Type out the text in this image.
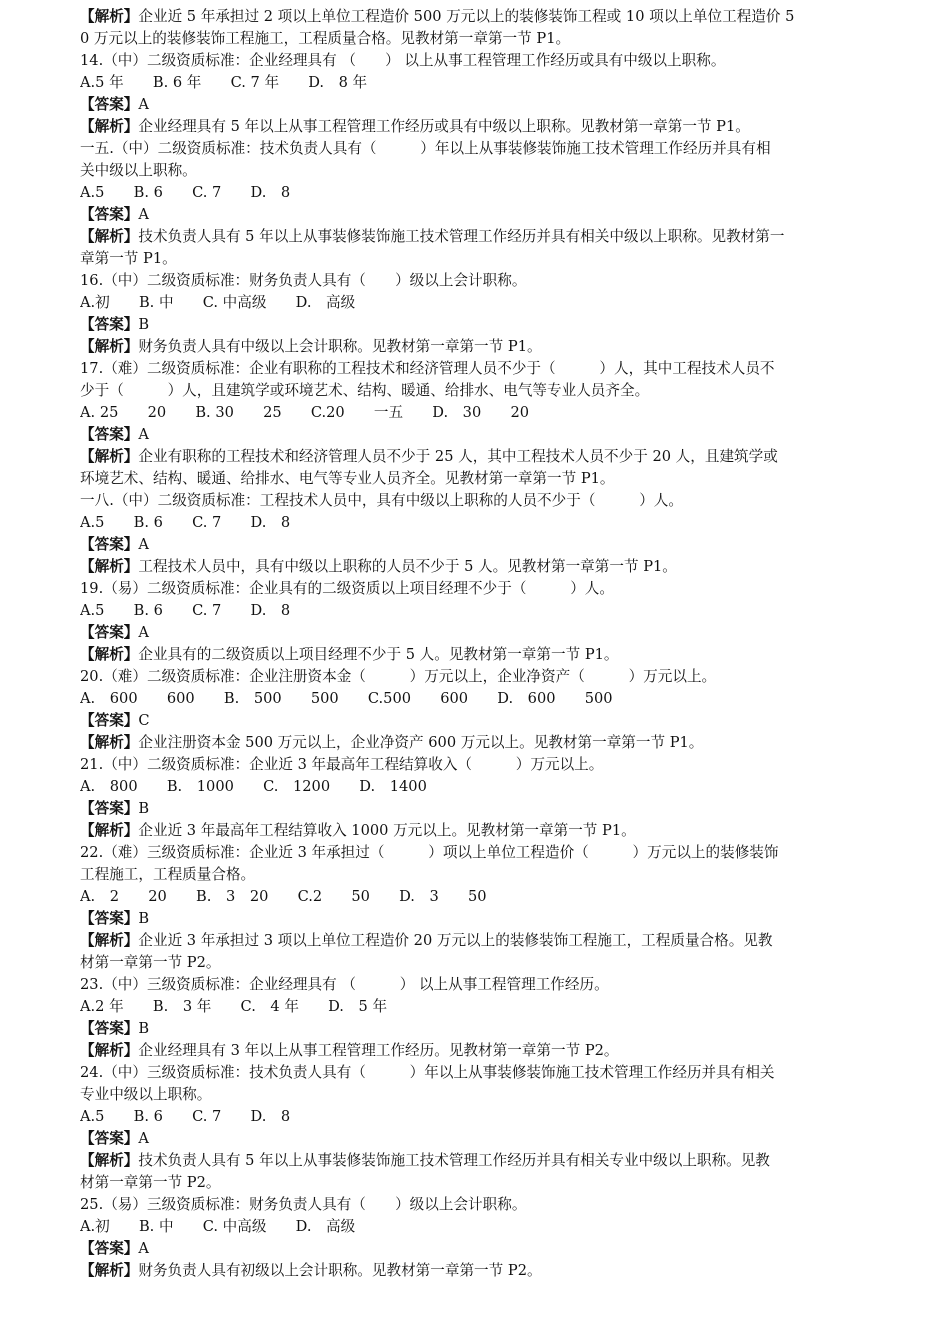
【解析】企业近 5 年承担过 2 项以上单位工程造价 500 万元以上的装修装饰工程或 10 项以上单位工程造价 5
0 万元以上的装修装饰工程施工，工程质量合格。见教材第一章第一节 P1。
14.（中）二级资质标准：企业经理具有 （　　） 以上从事工程管理工作经历或具有中级以上职称。
A.5 年　　B. 6 年　　C. 7 年　　D.　8 年
【答案】A
【解析】企业经理具有 5 年以上从事工程管理工作经历或具有中级以上职称。见教材第一章第一节 P1。
一五.（中）二级资质标准：技术负责人具有（　　　）年以上从事装修装饰施工技术管理工作经历并具有相
关中级以上职称。
A.5　　B. 6　　C. 7　　D.　8
【答案】A
【解析】技术负责人具有 5 年以上从事装修装饰施工技术管理工作经历并具有相关中级以上职称。见教材第一
章第一节 P1。
16.（中）二级资质标准：财务负责人具有（　　）级以上会计职称。
A.初　　B. 中　　C. 中高级　　D.　高级
【答案】B
【解析】财务负责人具有中级以上会计职称。见教材第一章第一节 P1。
17.（难）二级资质标准：企业有职称的工程技术和经济管理人员不少于（　　　）人，其中工程技术人员不
少于（　　　）人，且建筑学或环境艺术、结构、暖通、给排水、电气等专业人员齐全。
A. 25　　20　　B. 30　　25　　C.20　　一五　　D.　30　　20
【答案】A
【解析】企业有职称的工程技术和经济管理人员不少于 25 人，其中工程技术人员不少于 20 人，且建筑学或
环境艺术、结构、暖通、给排水、电气等专业人员齐全。见教材第一章第一节 P1。
一八.（中）二级资质标准：工程技术人员中，具有中级以上职称的人员不少于（　　　）人。
A.5　　B. 6　　C. 7　　D.　8
【答案】A
【解析】工程技术人员中，具有中级以上职称的人员不少于 5 人。见教材第一章第一节 P1。
19.（易）二级资质标准：企业具有的二级资质以上项目经理不少于（　　　）人。
A.5　　B. 6　　C. 7　　D.　8
【答案】A
【解析】企业具有的二级资质以上项目经理不少于 5 人。见教材第一章第一节 P1。
20.（难）二级资质标准：企业注册资本金（　　　）万元以上，企业净资产（　　　）万元以上。
A.　600　　600　　B.　500　　500　　C.500　　600　　D.　600　　500
【答案】C
【解析】企业注册资本金 500 万元以上，企业净资产 600 万元以上。见教材第一章第一节 P1。
21.（中）二级资质标准：企业近 3 年最高年工程结算收入（　　　）万元以上。
A.　800　　B.　1000　　C.　1200　　D.　1400
【答案】B
【解析】企业近 3 年最高年工程结算收入 1000 万元以上。见教材第一章第一节 P1。
22.（难）三级资质标准：企业近 3 年承担过（　　　）项以上单位工程造价（　　　）万元以上的装修装饰
工程施工，工程质量合格。
A.　2　　20　　B.　3　20　　C.2　　50　　D.　3　　50
【答案】B
【解析】企业近 3 年承担过 3 项以上单位工程造价 20 万元以上的装修装饰工程施工，工程质量合格。见教
材第一章第一节 P2。
23.（中）三级资质标准：企业经理具有 （　　　） 以上从事工程管理工作经历。
A.2 年　　B.　3 年　　C.　4 年　　D.　5 年
【答案】B
【解析】企业经理具有 3 年以上从事工程管理工作经历。见教材第一章第一节 P2。
24.（中）三级资质标准：技术负责人具有（　　　）年以上从事装修装饰施工技术管理工作经历并具有相关
专业中级以上职称。
A.5　　B. 6　　C. 7　　D.　8
【答案】A
【解析】技术负责人具有 5 年以上从事装修装饰施工技术管理工作经历并具有相关专业中级以上职称。见教
材第一章第一节 P2。
25.（易）三级资质标准：财务负责人具有（　　）级以上会计职称。
A.初　　B. 中　　C. 中高级　　D.　高级
【答案】A
【解析】财务负责人具有初级以上会计职称。见教材第一章第一节 P2。
